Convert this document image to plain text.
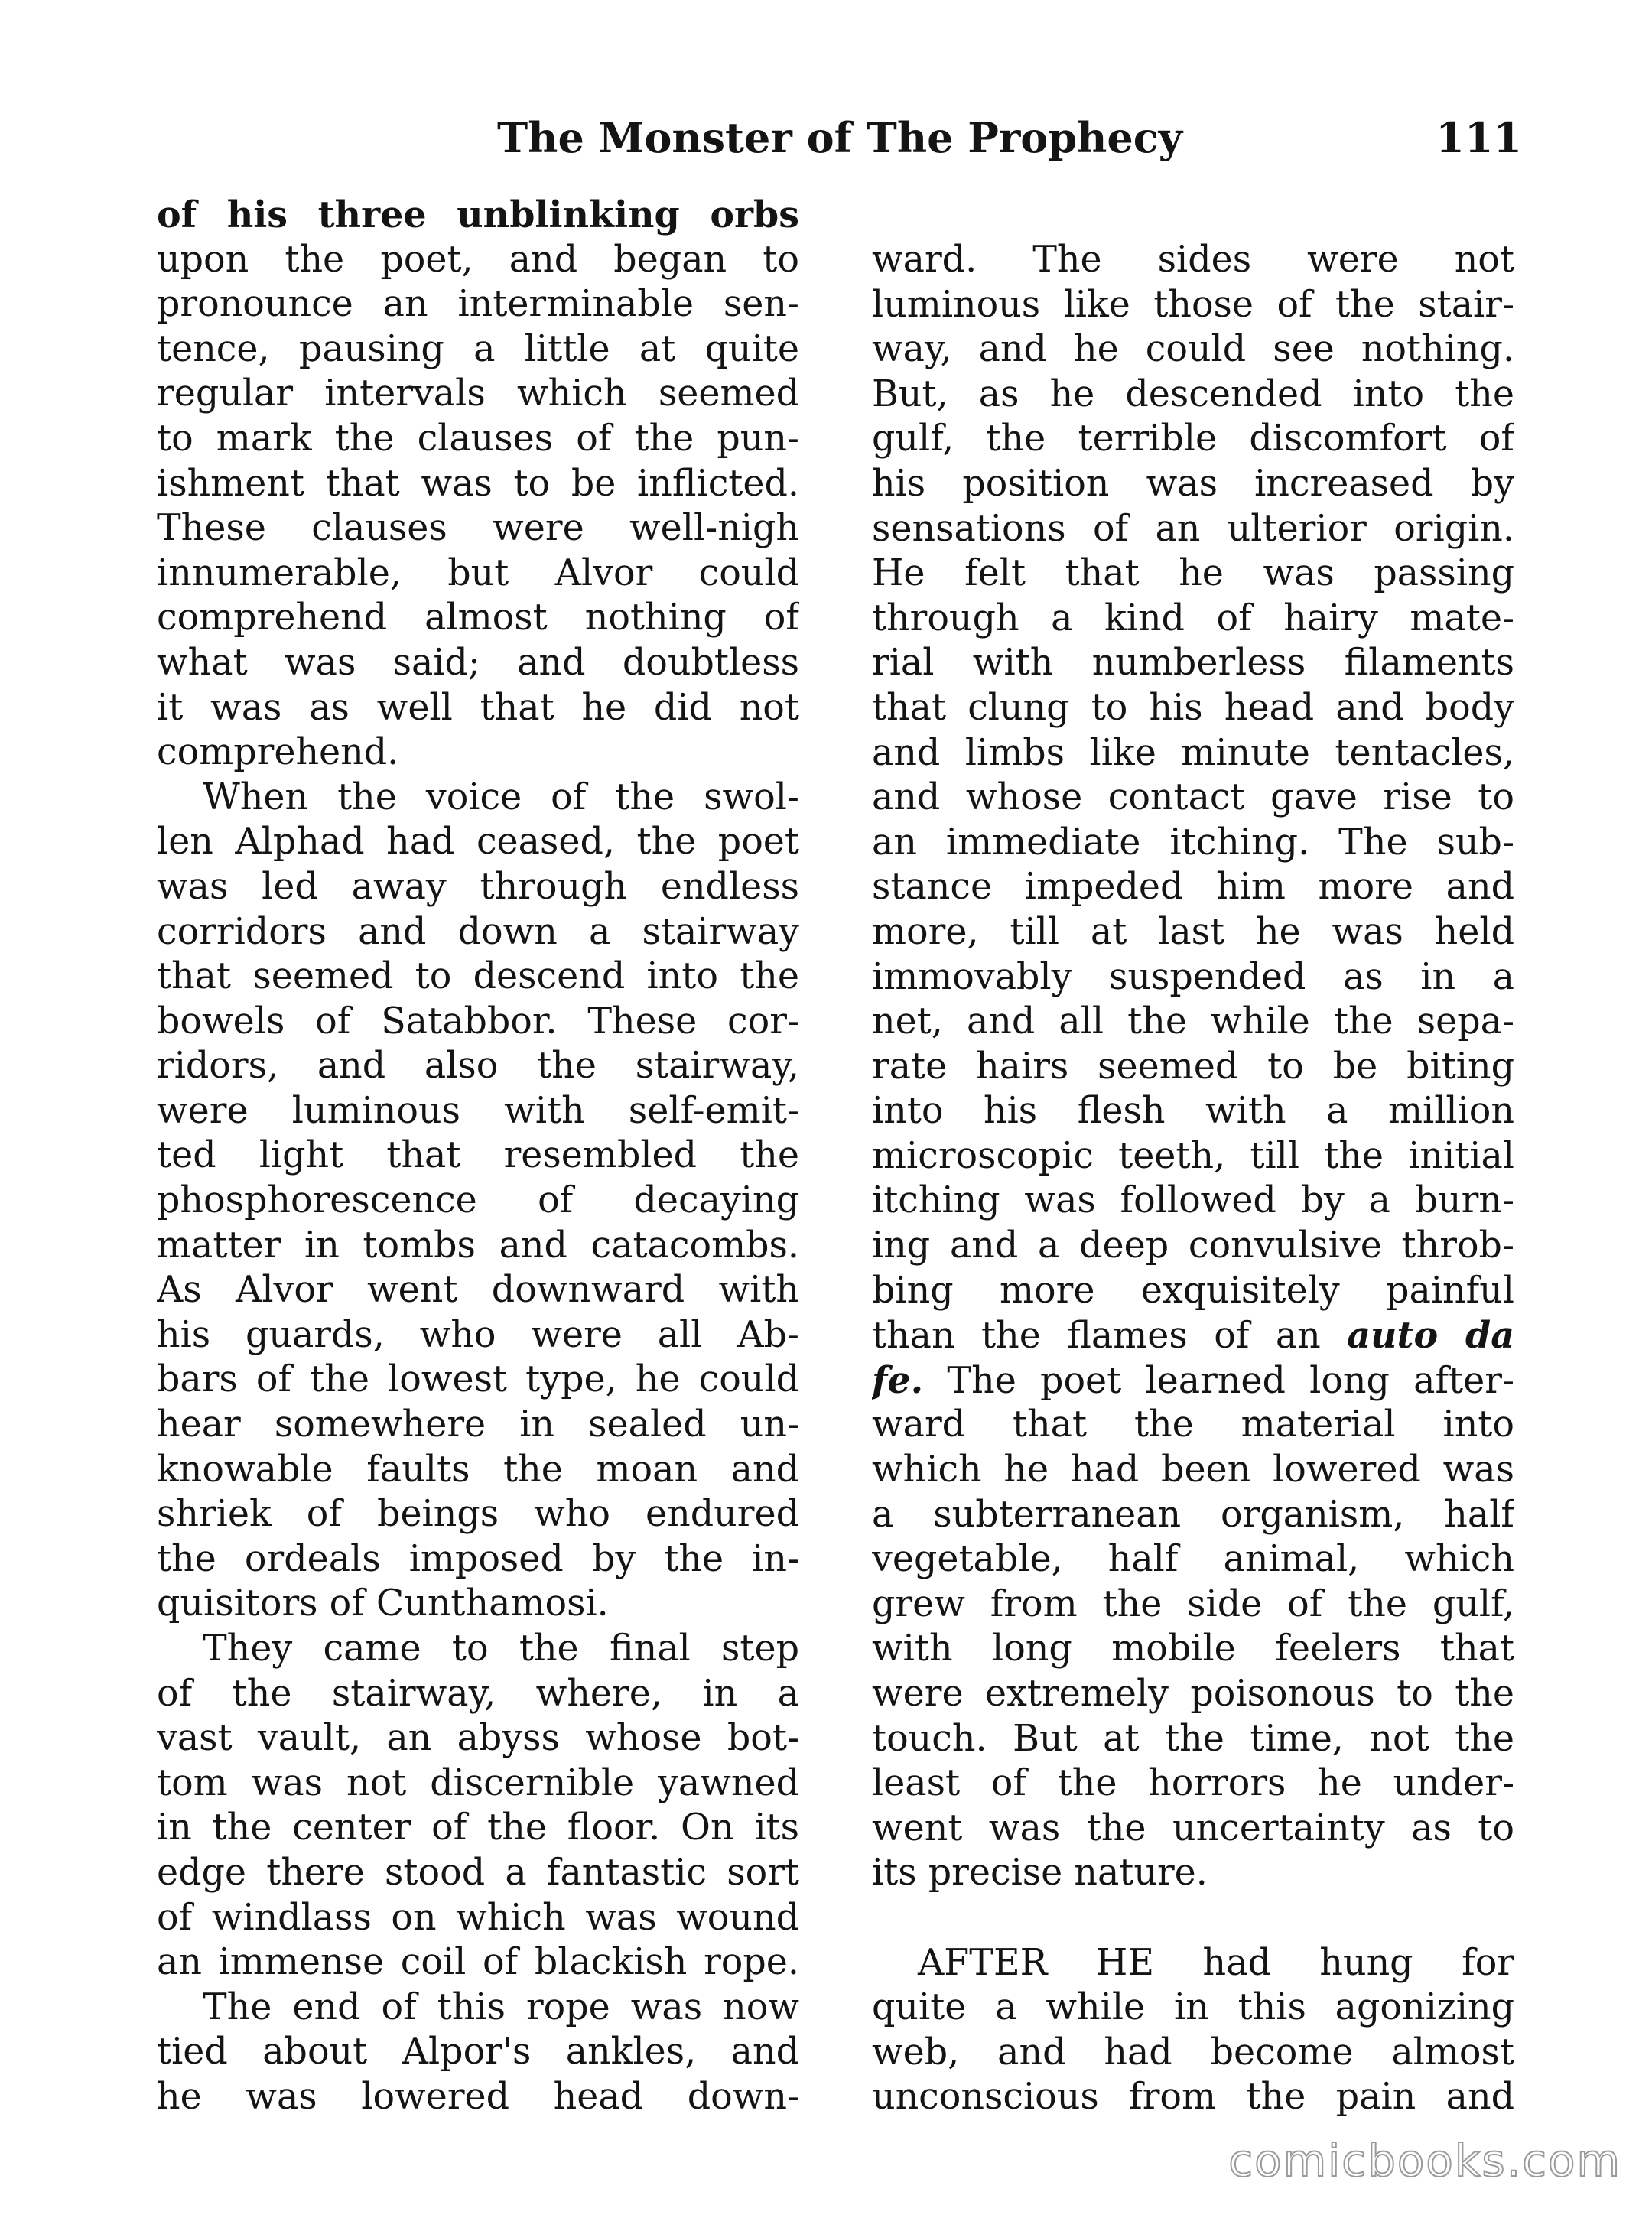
The Monster of The Prophecy	111
of his three unblinking orbs
upon the poet, and began to
pronounce an interminable sen-
tence, pausing a little at quite
regular intervals which seemed
to mark the clauses of the pun-
ishment that was to be inflicted.
These clauses were well-nigh
innumerable, but Alvor could
comprehend almost nothing of
what was said; and doubtless
it was as well that he did not
comprehend.
When the voice of the swol-
len Alphad had ceased, the poet
was led away through endless
corridors and down a stairway
that seemed to descend into the
bowels of Satabbor. These cor-
ridors, and also the stairway,
were luminous with self-emit-
ted light that resembled the
phosphorescence of decaying
matter in tombs and catacombs.
As Alvor went downward with
his guards, who were all Ab-
bars of the lowest type, he could
hear somewhere in sealed un-
knowable faults the moan and
shriek of beings who endured
the ordeals imposed by the in-
quisitors of Cunthamosi.
They came to the final step
of the stairway, where, in a
vast vault, an abyss whose bot-
tom was not discernible yawned
in the center of the floor. On its
edge there stood a fantastic sort
of windlass on which was wound
an immense coil of blackish rope.
The end of this rope was now
tied about Alpor's ankles, and
he was lowered head down-
ward. The sides were not
luminous like those of the stair-
way, and he could see nothing.
But, as he descended into the
gulf, the terrible discomfort of
his position was increased by
sensations of an ulterior origin.
He felt that he was passing
through a kind of hairy mate-
rial with numberless filaments
that clung to his head and body
and limbs like minute tentacles,
and whose contact gave rise to
an immediate itching. The sub-
stance impeded him more and
more, till at last he was held
immovably suspended as in a
net, and all the while the sepa-
rate hairs seemed to be biting
into his flesh with a million
microscopic teeth, till the initial
itching was followed by a burn-
ing and a deep convulsive throb-
bing more exquisitely painful
than the flames of an auto da
fe. The poet learned long after-
ward that the material into
which he had been lowered was
a subterranean organism, half
vegetable, half animal, which
grew from the side of the gulf,
with long mobile feelers that
were extremely poisonous to the
touch. But at the time, not the
least of the horrors he under-
went was the uncertainty as to
its precise nature.
AFTER HE had hung for
quite a while in this agonizing
web, and had become almost
unconscious from the pain and
comicbooks.com
